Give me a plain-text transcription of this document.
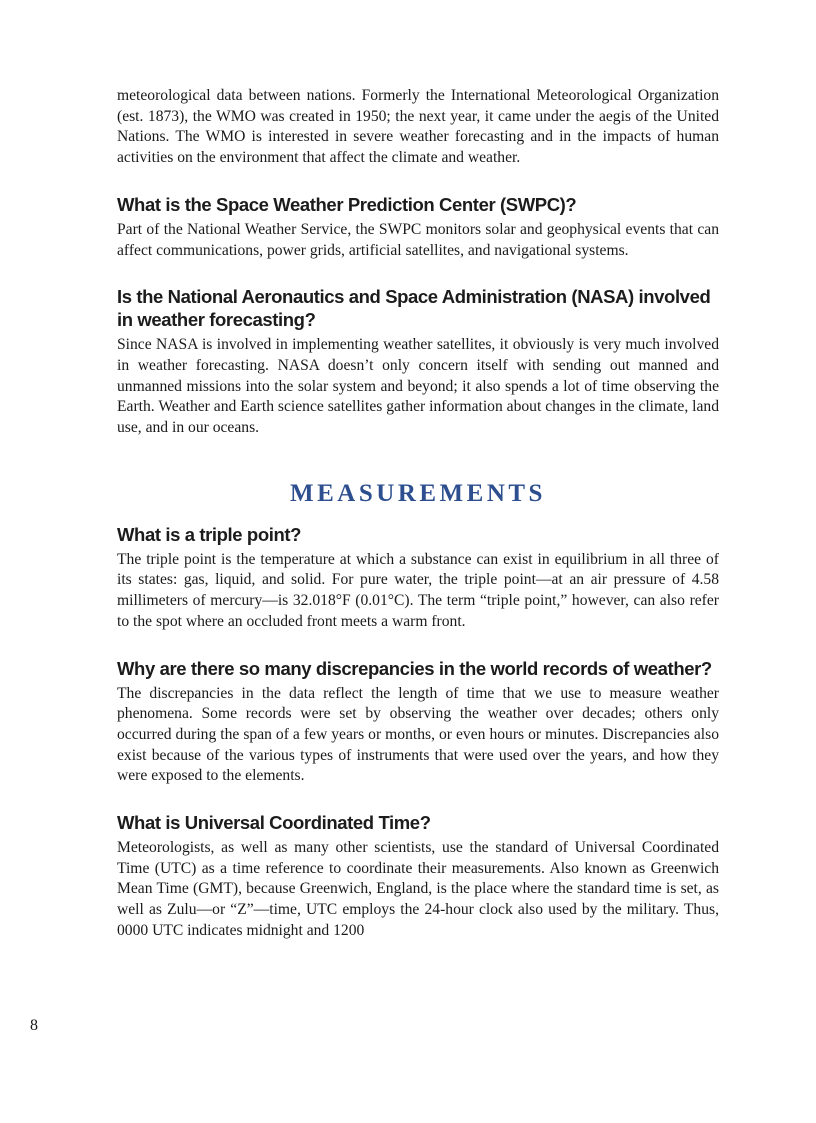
meteorological data between nations. Formerly the International Meteorological Organization (est. 1873), the WMO was created in 1950; the next year, it came under the aegis of the United Nations. The WMO is interested in severe weather forecasting and in the impacts of human activities on the environment that affect the climate and weather.

What is the Space Weather Prediction Center (SWPC)?

Part of the National Weather Service, the SWPC monitors solar and geophysical events that can affect communications, power grids, artificial satellites, and navigational systems.

Is the National Aeronautics and Space Administration (NASA) involved in weather forecasting?

Since NASA is involved in implementing weather satellites, it obviously is very much involved in weather forecasting. NASA doesn’t only concern itself with sending out manned and unmanned missions into the solar system and beyond; it also spends a lot of time observing the Earth. Weather and Earth science satellites gather information about changes in the climate, land use, and in our oceans.

MEASUREMENTS
What is a triple point?

The triple point is the temperature at which a substance can exist in equilibrium in all three of its states: gas, liquid, and solid. For pure water, the triple point—at an air pressure of 4.58 millimeters of mercury—is 32.018°F (0.01°C). The term “triple point,” however, can also refer to the spot where an occluded front meets a warm front.

Why are there so many discrepancies in the world records of weather?

The discrepancies in the data reflect the length of time that we use to measure weather phenomena. Some records were set by observing the weather over decades; others only occurred during the span of a few years or months, or even hours or minutes. Discrepancies also exist because of the various types of instruments that were used over the years, and how they were exposed to the elements.

What is Universal Coordinated Time?

Meteorologists, as well as many other scientists, use the standard of Universal Coordinated Time (UTC) as a time reference to coordinate their measurements. Also known as Greenwich Mean Time (GMT), because Greenwich, England, is the place where the standard time is set, as well as Zulu—or “Z”—time, UTC employs the 24-hour clock also used by the military. Thus, 0000 UTC indicates midnight and 1200

8
